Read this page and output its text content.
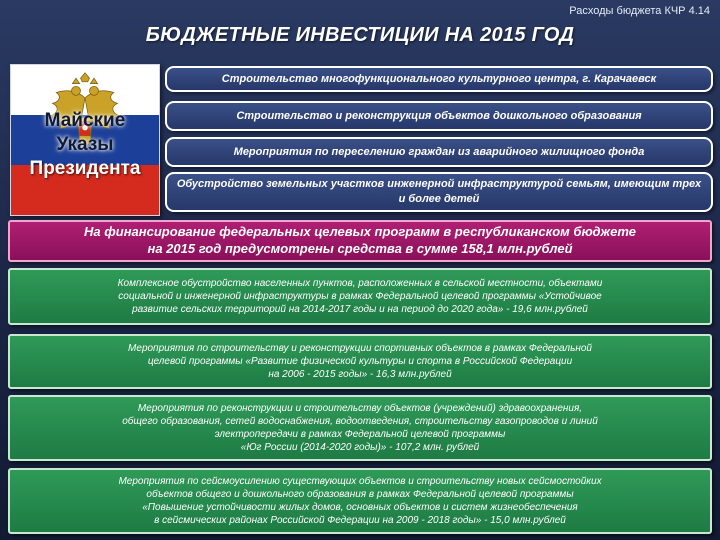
Расходы бюджета КЧР 4.14
БЮДЖЕТНЫЕ ИНВЕСТИЦИИ НА 2015 ГОД
Майские
Указы
Президента
Строительство многофункционального культурного центра, г. Карачаевск
Строительство и реконструкция объектов дошкольного образования
Мероприятия по переселению граждан из аварийного жилищного фонда
Обустройство земельных участков инженерной инфраструктурой семьям, имеющим трех и более детей
На финансирование федеральных целевых программ в республиканском бюджете
на 2015 год предусмотрены средства в сумме 158,1 млн.рублей
Комплексное обустройство населенных пунктов, расположенных в сельской местности, объектами
социальной и инженерной инфраструктуры в рамках Федеральной целевой программы «Устойчивое
развитие сельских территорий на 2014-2017 годы и на период до 2020 года» - 19,6 млн.рублей
Мероприятия по строительству и реконструкции спортивных объектов в рамках Федеральной
целевой программы «Развитие физической культуры и спорта в Российской Федерации
на 2006 - 2015 годы» - 16,3 млн.рублей
Мероприятия по реконструкции и строительству объектов (учреждений) здравоохранения,
общего образования, сетей водоснабжения, водоотведения, строительству газопроводов и линий
электропередачи в рамках Федеральной целевой программы
«Юг России (2014-2020 годы)» - 107,2 млн. рублей
Мероприятия по сейсмоусилению существующих объектов и строительству новых сейсмостойких
объектов общего и дошкольного образования в рамках Федеральной целевой программы
«Повышение устойчивости жилых домов, основных объектов и систем жизнеобеспечения
в сейсмических районах Российской Федерации на 2009 - 2018 годы» - 15,0 млн.рублей
